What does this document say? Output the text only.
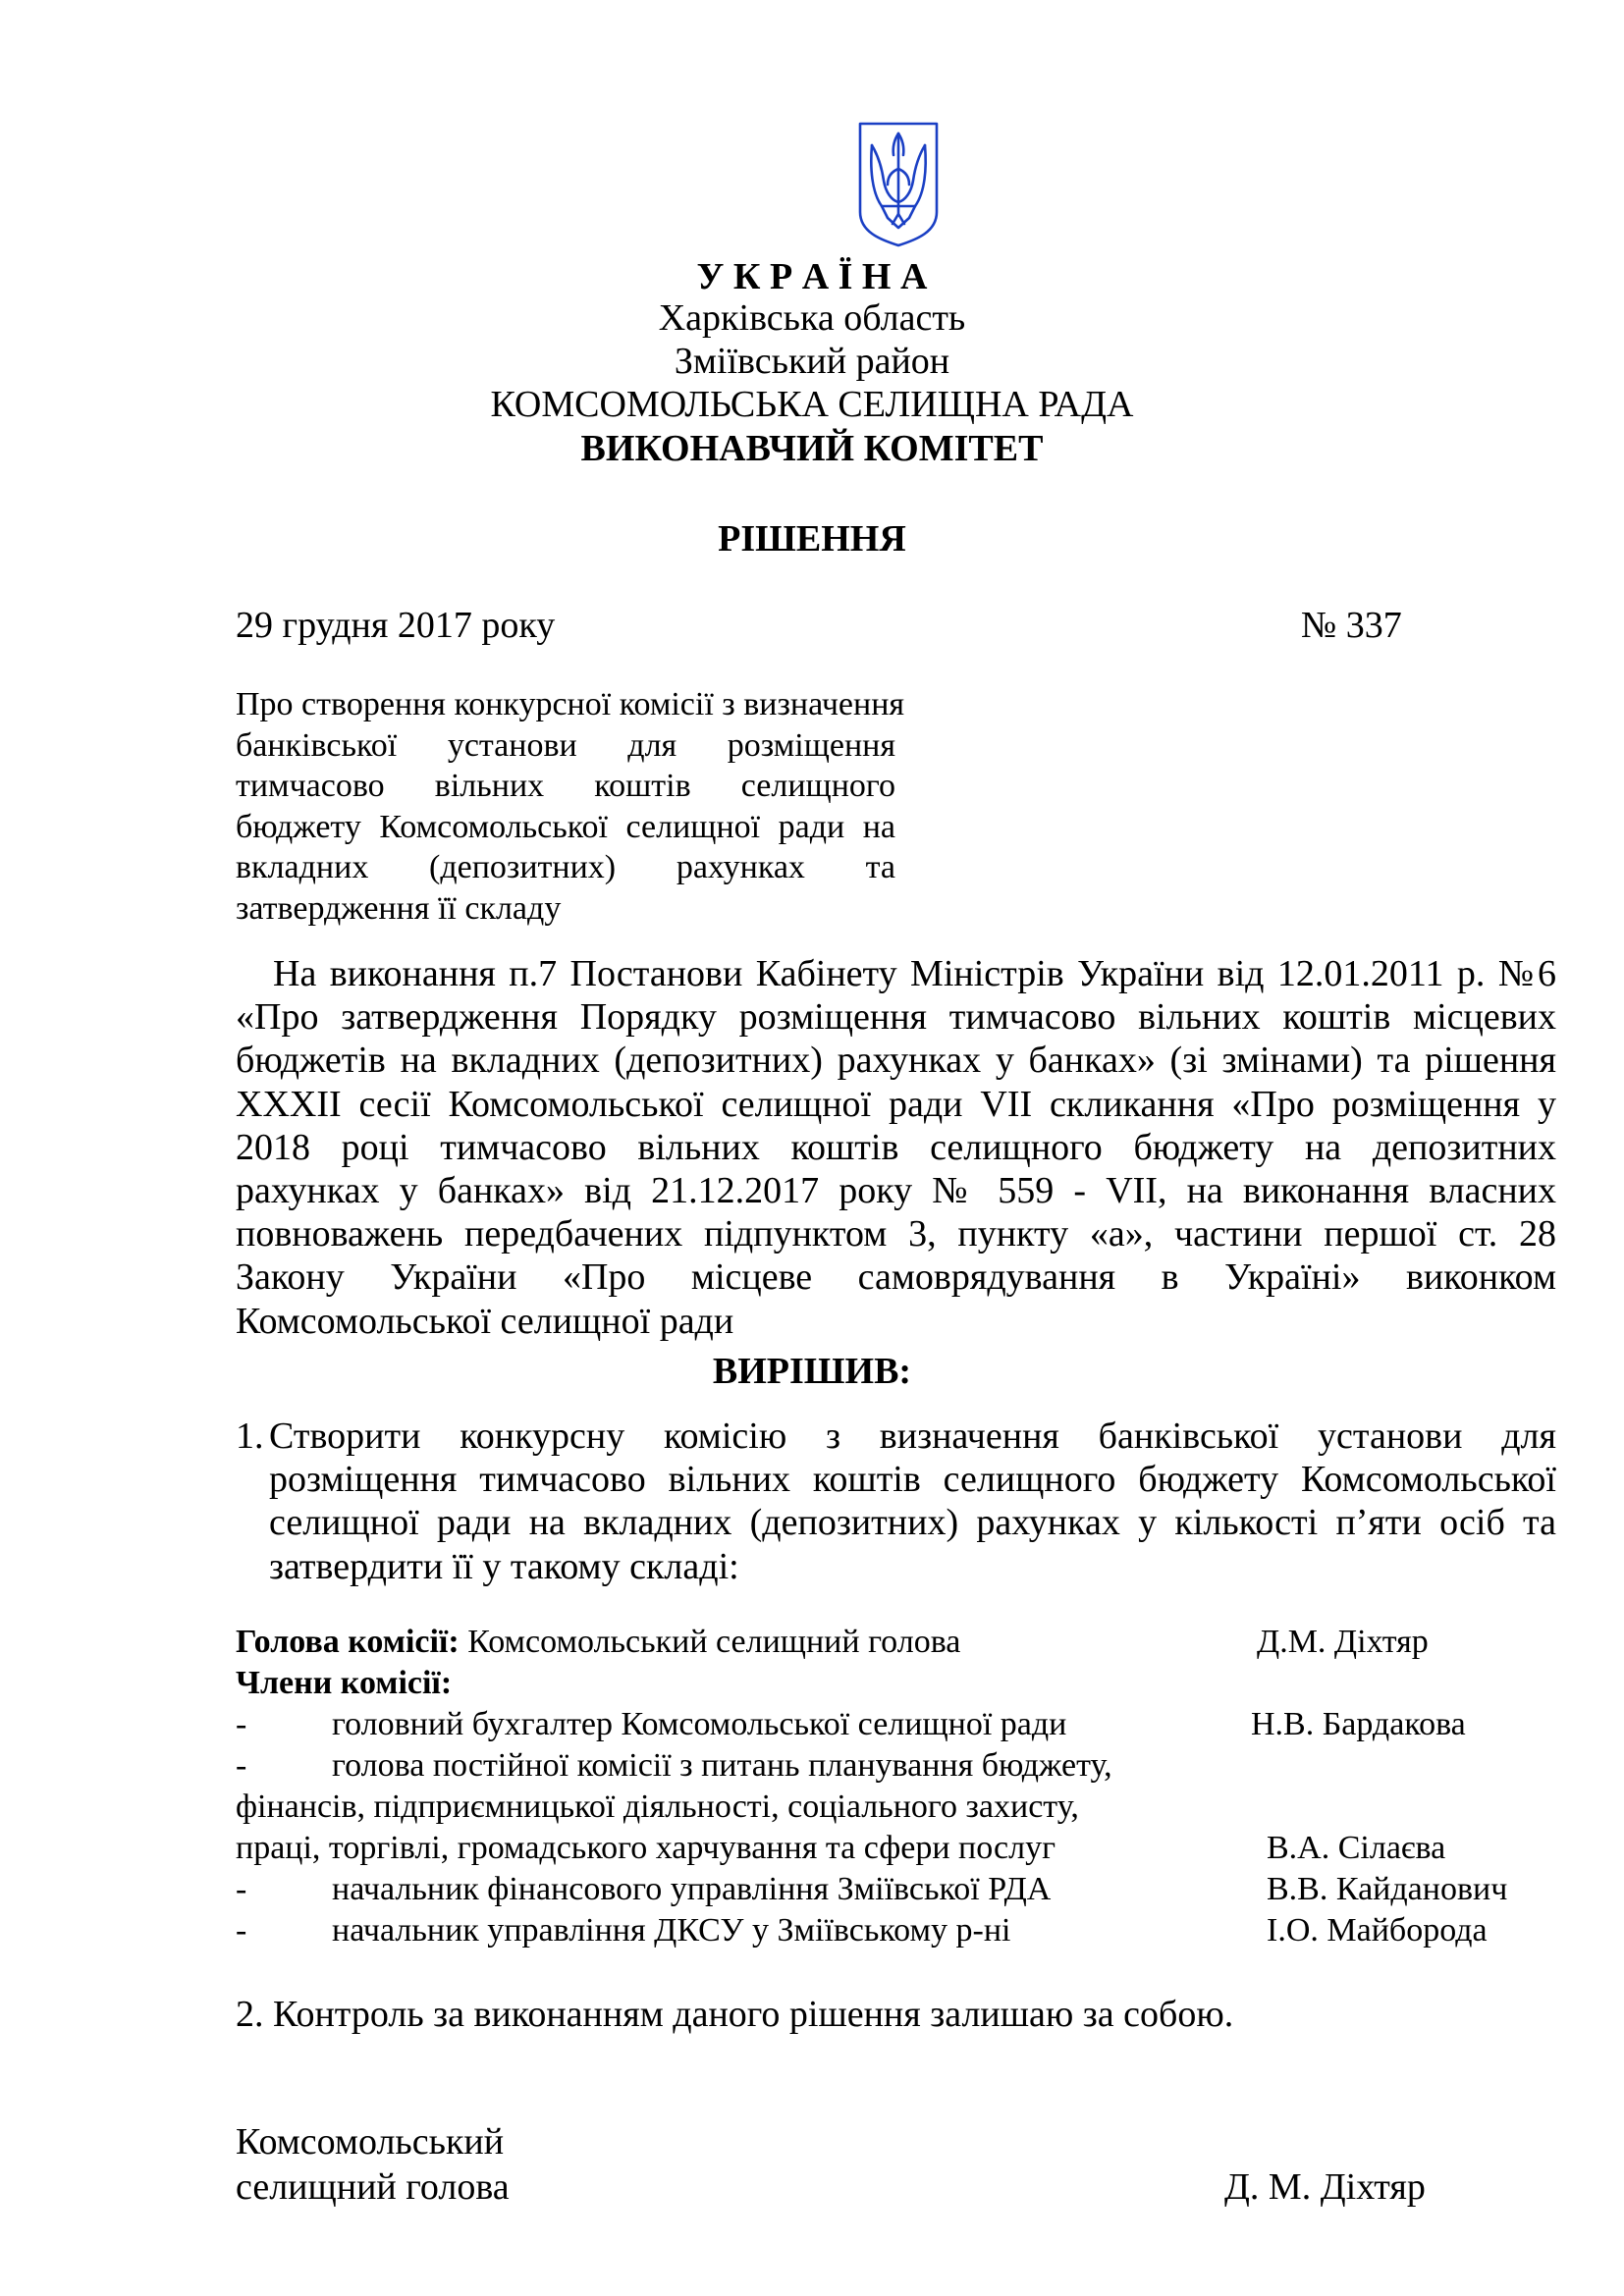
У К Р А Ї Н А
Харківська область
Зміївський район
КОМСОМОЛЬСЬКА СЕЛИЩНА РАДА
ВИКОНАВЧИЙ КОМІТЕТ
РІШЕННЯ
29 грудня 2017 року	№ 337
Про створення конкурсної комісії з визначення
банківської установи для розміщення
тимчасово вільних коштів селищного
бюджету Комсомольської селищної ради на
вкладних (депозитних) рахунках та
затвердження її складу
На виконання п.7 Постанови Кабінету Міністрів України від 12.01.2011 р. №6
«Про затвердження Порядку розміщення тимчасово вільних коштів місцевих
бюджетів на вкладних (депозитних) рахунках у банках» (зі змінами) та рішення
XXXII сесії Комсомольської селищної ради VII скликання «Про розміщення у
2018 році тимчасово вільних коштів селищного бюджету на депозитних
рахунках у банках» від 21.12.2017 року № 559 - VII, на виконання власних
повноважень передбачених підпунктом 3, пункту «а», частини першої ст. 28
Закону України «Про місцеве самоврядування в Україні» виконком
Комсомольської селищної ради
ВИРІШИВ:
1. Створити конкурсну комісію з визначення банківської установи для
розміщення тимчасово вільних коштів селищного бюджету Комсомольської
селищної ради на вкладних (депозитних) рахунках у кількості п’яти осіб та
затвердити її у такому складі:
Голова комісії: Комсомольський селищний голова	Д.М. Діхтяр
Члени комісії:
-	головний бухгалтер Комсомольської селищної ради	Н.В. Бардакова
-	голова постійної комісії з питань планування бюджету,
фінансів, підприємницької діяльності, соціального захисту,
праці, торгівлі, громадського харчування та сфери послуг	В.А. Сілаєва
-	начальник фінансового управління Зміївської РДА	В.В. Кайданович
-	начальник управління ДКСУ у Зміївському р-ні	І.О. Майборода
2. Контроль за виконанням даного рішення залишаю за собою.
Комсомольський
селищний голова	Д. М. Діхтяр
